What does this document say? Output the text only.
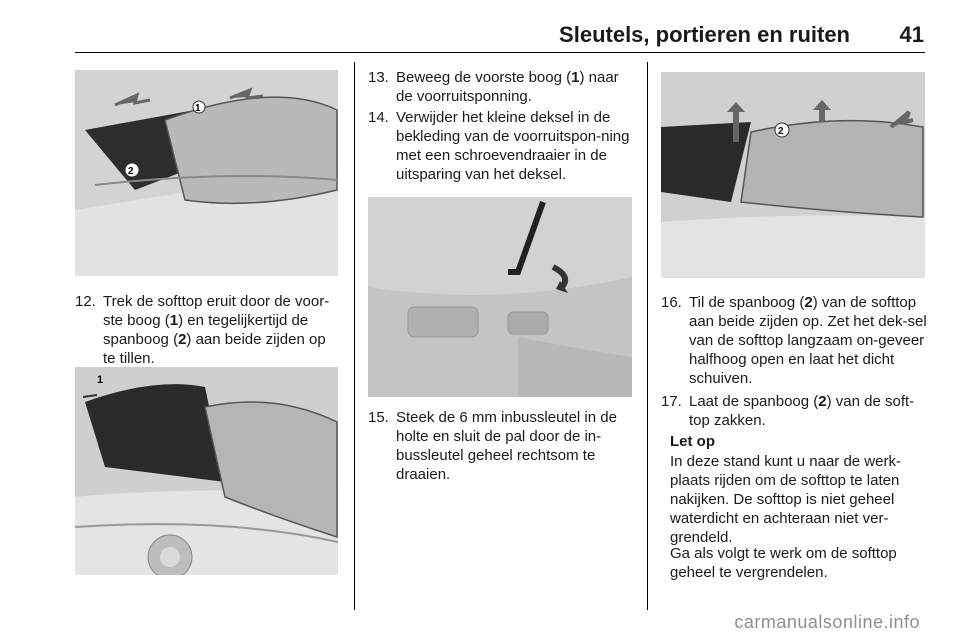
Sleutels, portieren en ruiten 41
1
2
12. Trek de softtop eruit door de voor-ste boog (1) en tegelijkertijd de spanboog (2) aan beide zijden op te tillen.
1
13. Beweeg de voorste boog (1) naar de voorruitsponning.
14. Verwijder het kleine deksel in de bekleding van de voorruitspon-ning met een schroevendraaier in de uitsparing van het deksel.
15. Steek de 6 mm inbussleutel in de holte en sluit de pal door de in-bussleutel geheel rechtsom te draaien.
2
16. Til de spanboog (2) van de softtop aan beide zijden op. Zet het dek-sel van de softtop langzaam on-geveer halfhoog open en laat het dicht schuiven.
17. Laat de spanboog (2) van de soft-top zakken.
Let op
In deze stand kunt u naar de werk-plaats rijden om de softtop te laten nakijken. De softtop is niet geheel waterdicht en achteraan niet ver-grendeld.
Ga als volgt te werk om de softtop geheel te vergrendelen.
carmanualsonline.info
